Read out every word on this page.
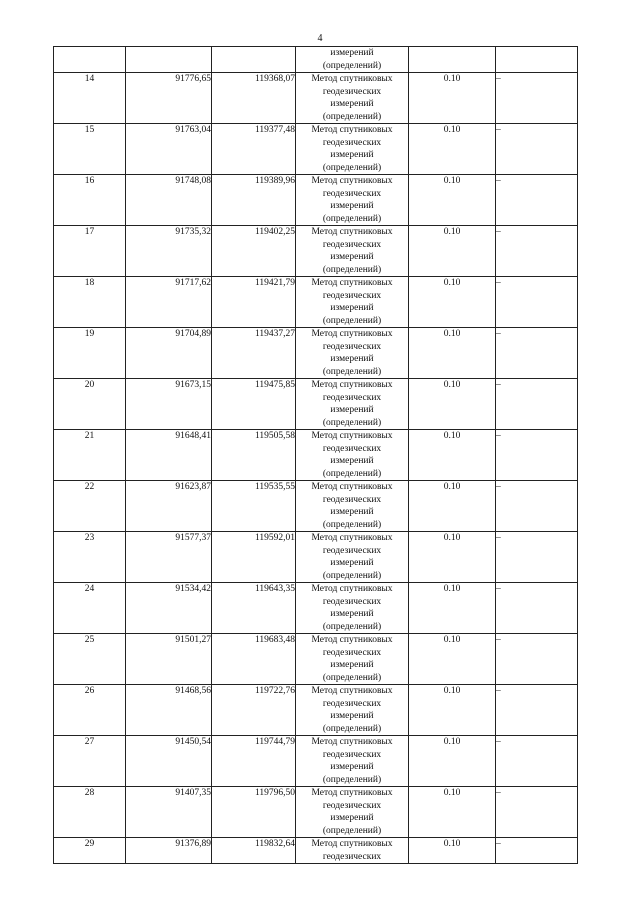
4

			измерений
(определений)		

14	91776,65	119368,07	Метод спутниковых
геодезических
измерений
(определений)	0.10	–
15	91763,04	119377,48	Метод спутниковых
геодезических
измерений
(определений)	0.10	–
16	91748,08	119389,96	Метод спутниковых
геодезических
измерений
(определений)	0.10	–
17	91735,32	119402,25	Метод спутниковых
геодезических
измерений
(определений)	0.10	–
18	91717,62	119421,79	Метод спутниковых
геодезических
измерений
(определений)	0.10	–
19	91704,89	119437,27	Метод спутниковых
геодезических
измерений
(определений)	0.10	–
20	91673,15	119475,85	Метод спутниковых
геодезических
измерений
(определений)	0.10	–
21	91648,41	119505,58	Метод спутниковых
геодезических
измерений
(определений)	0.10	–
22	91623,87	119535,55	Метод спутниковых
геодезических
измерений
(определений)	0.10	–
23	91577,37	119592,01	Метод спутниковых
геодезических
измерений
(определений)	0.10	–
24	91534,42	119643,35	Метод спутниковых
геодезических
измерений
(определений)	0.10	–
25	91501,27	119683,48	Метод спутниковых
геодезических
измерений
(определений)	0.10	–
26	91468,56	119722,76	Метод спутниковых
геодезических
измерений
(определений)	0.10	–
27	91450,54	119744,79	Метод спутниковых
геодезических
измерений
(определений)	0.10	–
28	91407,35	119796,50	Метод спутниковых
геодезических
измерений
(определений)	0.10	–
29	91376,89	119832,64	Метод спутниковых
геодезических	0.10	–
